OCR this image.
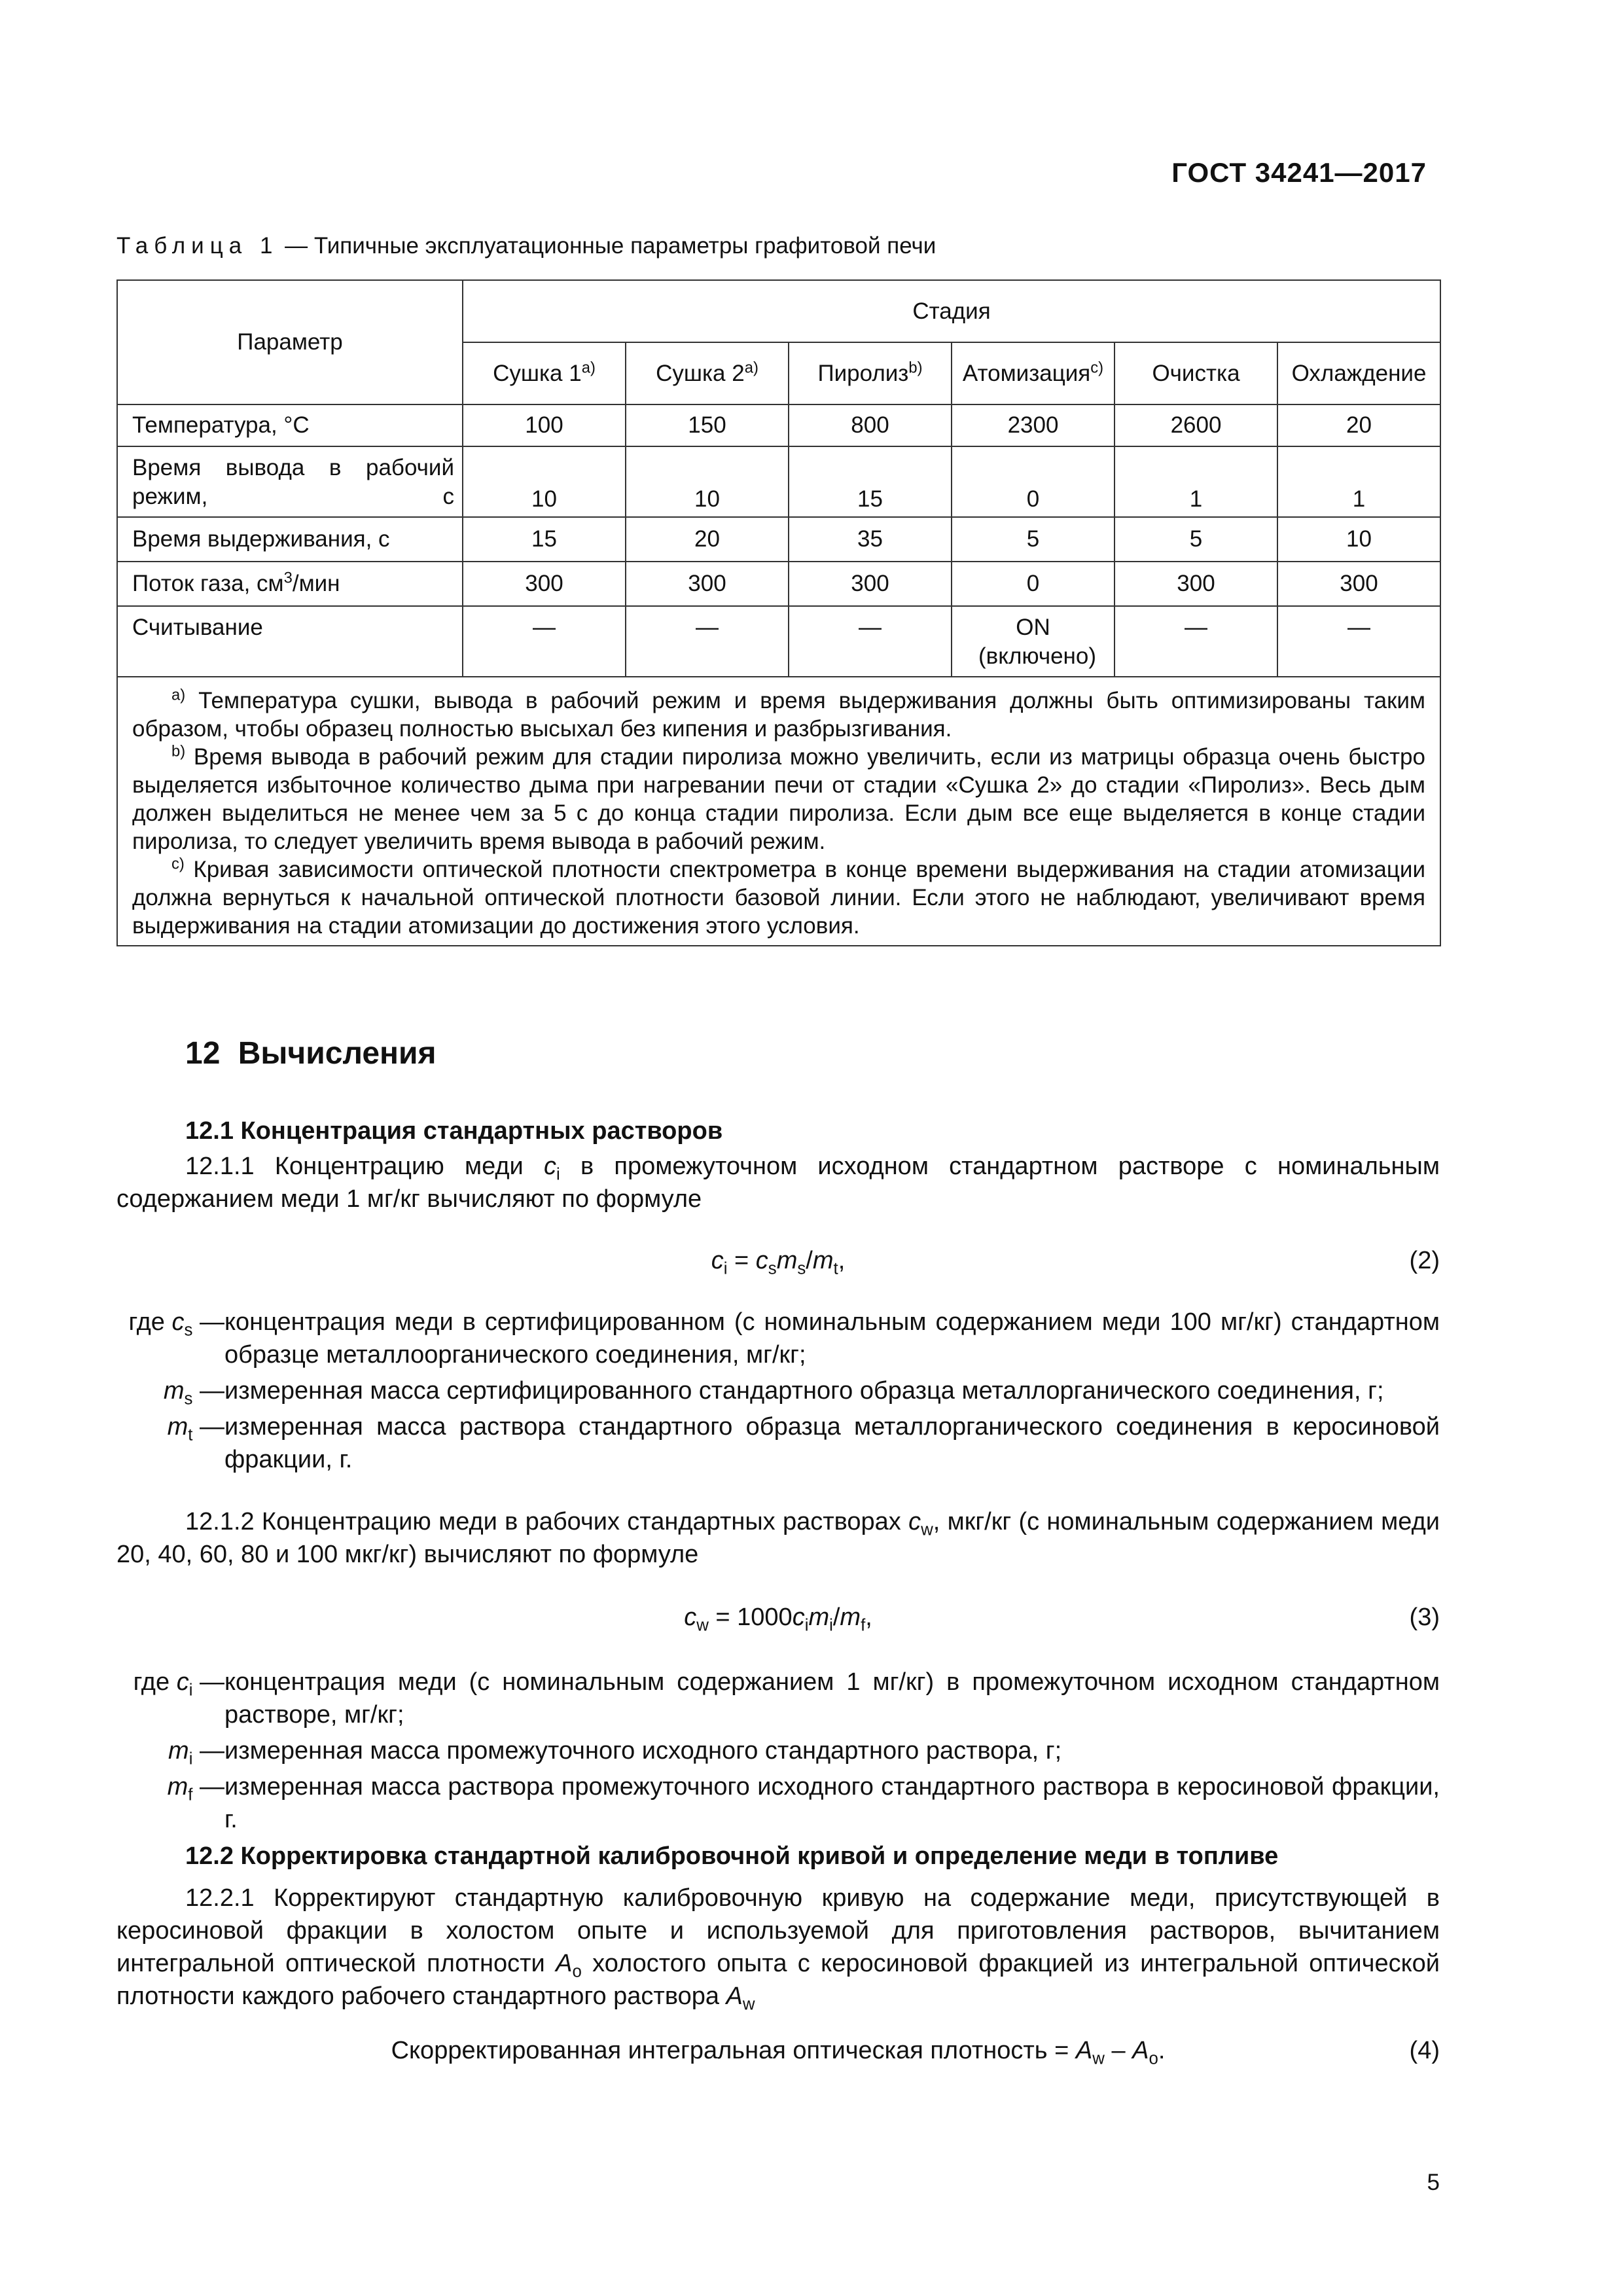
ГОСТ 34241—2017
Таблица 1 — Типичные эксплуатационные параметры графитовой печи
Параметр	Стадия					
	Сушка 1$^{a)}$	Сушка 2$^{a)}$	Пиролиз$^{b)}$	Атомизация$^{c)}$	Очистка	Охлаждение
Температура, °C	100	150	800	2300	2600	20
Время вывода в рабочий режим, с	10	10	15	0	1	1
Время выдерживания, с	15	20	35	5	5	10
Поток газа, $см^3$/мин	300	300	300	0	300	300
Считывание	—	—	—	ON (включено)	—	—

$^{a)}$ Температура сушки, вывода в рабочий режим и время выдерживания должны быть оптимизированы таким образом, чтобы образец полностью высыхал без кипения и разбрызгивания.

$^{b)}$ Время вывода в рабочий режим для стадии пиролиза можно увеличить, если из матрицы образца очень быстро выделяется избыточное количество дыма при нагревании печи от стадии «Сушка 2» до стадии «Пиролиз». Весь дым должен выделиться не менее чем за 5 с до конца стадии пиролиза. Если дым все еще выделяется в конце стадии пиролиза, то следует увеличить время вывода в рабочий режим.

$^{c)}$ Кривая зависимости оптической плотности спектрометра в конце времени выдерживания на стадии атомизации должна вернуться к начальной оптической плотности базовой линии. Если этого не наблюдают, увеличивают время выдерживания на стадии атомизации до достижения этого условия.						

12 Вычисления
12.1 Концентрация стандартных растворов

12.1.1 Концентрацию меди $c_i$ в промежуточном исходном стандартном растворе с номинальным содержанием меди 1 мг/кг вычисляют по формуле

$c_i = c_sm_s/m_t$,	(2)
где $c_s$ — концентрация меди в сертифицированном (с номинальным содержанием меди 100 мг/кг) стандартном образце металлоорганического соединения, мг/кг;
$m_s$ — измеренная масса сертифицированного стандартного образца металлорганического соединения, г;
$m_t$ — измеренная масса раствора стандартного образца металлорганического соединения в керосиновой фракции, г.

12.1.2 Концентрацию меди в рабочих стандартных растворах $c_w$, мкг/кг (с номинальным содержанием меди 20, 40, 60, 80 и 100 мкг/кг) вычисляют по формуле

$c_w = 1000c_im_i/m_f$,	(3)
где $c_i$ — концентрация меди (с номинальным содержанием 1 мг/кг) в промежуточном исходном стандартном растворе, мг/кг;
$m_i$ — измеренная масса промежуточного исходного стандартного раствора, г;
$m_f$ — измеренная масса раствора промежуточного исходного стандартного раствора в керосиновой фракции, г.
12.2 Корректировка стандартной калибровочной кривой и определение меди в топливе

12.2.1 Корректируют стандартную калибровочную кривую на содержание меди, присутствующей в керосиновой фракции в холостом опыте и используемой для приготовления растворов, вычитанием интегральной оптической плотности $A_o$ холостого опыта с керосиновой фракцией из интегральной оптической плотности каждого рабочего стандартного раствора $A_w$

Скорректированная интегральная оптическая плотность = $A_w - A_o$.	(4)
5
